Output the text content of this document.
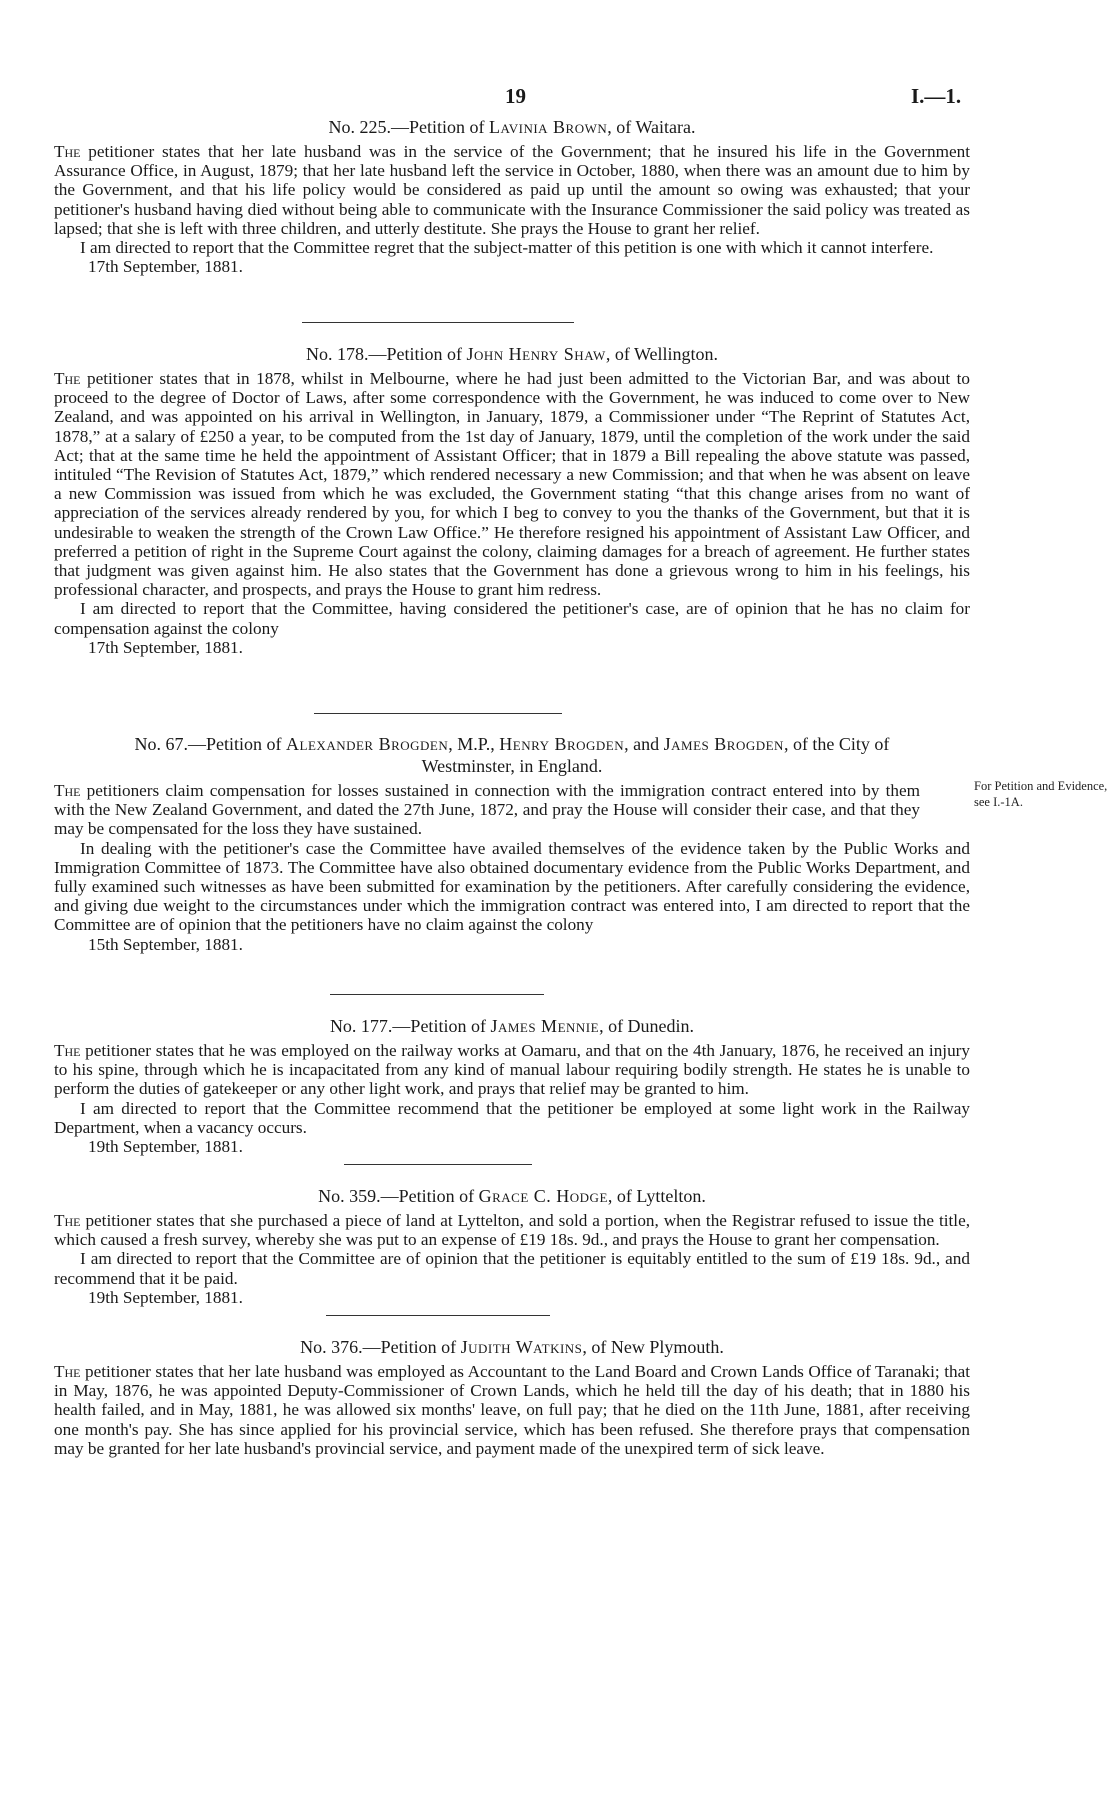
19	I.—1.

No. 225.—Petition of Lavinia Brown, of Waitara.

The petitioner states that her late husband was in the service of the Government; that he insured his life in the Government Assurance Office, in August, 1879; that her late husband left the service in October, 1880, when there was an amount due to him by the Government, and that his life policy would be considered as paid up until the amount so owing was exhausted; that your petitioner's husband having died without being able to communicate with the Insurance Commissioner the said policy was treated as lapsed; that she is left with three children, and utterly destitute. She prays the House to grant her relief.

I am directed to report that the Committee regret that the subject-matter of this petition is one with which it cannot interfere.

17th September, 1881.

No. 178.—Petition of John Henry Shaw, of Wellington.

The petitioner states that in 1878, whilst in Melbourne, where he had just been admitted to the Victorian Bar, and was about to proceed to the degree of Doctor of Laws, after some correspondence with the Government, he was induced to come over to New Zealand, and was appointed on his arrival in Wellington, in January, 1879, a Commissioner under “The Reprint of Statutes Act, 1878,” at a salary of £250 a year, to be computed from the 1st day of January, 1879, until the completion of the work under the said Act; that at the same time he held the appointment of Assistant Officer; that in 1879 a Bill repealing the above statute was passed, intituled “The Revision of Statutes Act, 1879,” which rendered necessary a new Commission; and that when he was absent on leave a new Commission was issued from which he was excluded, the Government stating “that this change arises from no want of appreciation of the services already rendered by you, for which I beg to convey to you the thanks of the Government, but that it is undesirable to weaken the strength of the Crown Law Office.” He therefore resigned his appointment of Assistant Law Officer, and preferred a petition of right in the Supreme Court against the colony, claiming damages for a breach of agreement. He further states that judgment was given against him. He also states that the Government has done a grievous wrong to him in his feelings, his professional character, and prospects, and prays the House to grant him redress.

I am directed to report that the Committee, having considered the petitioner's case, are of opinion that he has no claim for compensation against the colony

17th September, 1881.

No. 67.—Petition of Alexander Brogden, M.P., Henry Brogden, and James Brogden, of the City of Westminster, in England.

The petitioners claim compensation for losses sustained in connection with the immigration contract entered into by them with the New Zealand Government, and dated the 27th June, 1872, and pray the House will consider their case, and that they may be compensated for the loss they have sustained.

In dealing with the petitioner's case the Committee have availed themselves of the evidence taken by the Public Works and Immigration Committee of 1873. The Committee have also obtained documentary evidence from the Public Works Department, and fully examined such witnesses as have been submitted for examination by the petitioners. After carefully considering the evidence, and giving due weight to the circumstances under which the immigration contract was entered into, I am directed to report that the Committee are of opinion that the petitioners have no claim against the colony

15th September, 1881.

For Petition and Evidence, see I.-1A.

No. 177.—Petition of James Mennie, of Dunedin.

The petitioner states that he was employed on the railway works at Oamaru, and that on the 4th January, 1876, he received an injury to his spine, through which he is incapacitated from any kind of manual labour requiring bodily strength. He states he is unable to perform the duties of gatekeeper or any other light work, and prays that relief may be granted to him.

I am directed to report that the Committee recommend that the petitioner be employed at some light work in the Railway Department, when a vacancy occurs.

19th September, 1881.

No. 359.—Petition of Grace C. Hodge, of Lyttelton.

The petitioner states that she purchased a piece of land at Lyttelton, and sold a portion, when the Registrar refused to issue the title, which caused a fresh survey, whereby she was put to an expense of £19 18s. 9d., and prays the House to grant her compensation.

I am directed to report that the Committee are of opinion that the petitioner is equitably entitled to the sum of £19 18s. 9d., and recommend that it be paid.

19th September, 1881.

No. 376.—Petition of Judith Watkins, of New Plymouth.

The petitioner states that her late husband was employed as Accountant to the Land Board and Crown Lands Office of Taranaki; that in May, 1876, he was appointed Deputy-Commissioner of Crown Lands, which he held till the day of his death; that in 1880 his health failed, and in May, 1881, he was allowed six months' leave, on full pay; that he died on the 11th June, 1881, after receiving one month's pay. She has since applied for his provincial service, which has been refused. She therefore prays that compensation may be granted for her late husband's provincial service, and payment made of the unexpired term of sick leave.
